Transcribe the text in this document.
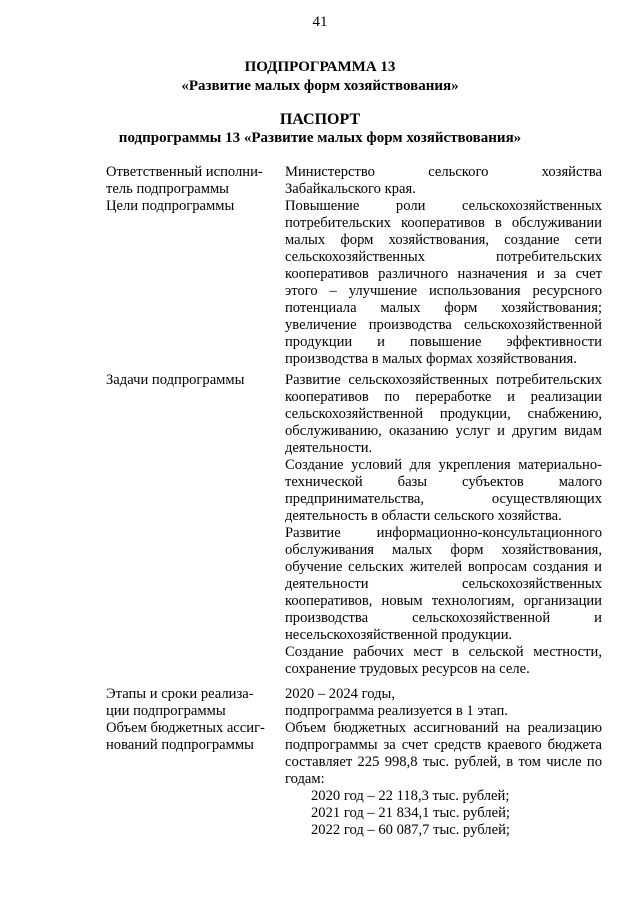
41
ПОДПРОГРАММА 13
«Развитие малых форм хозяйствования»
ПАСПОРТ
подпрограммы 13 «Развитие малых форм хозяйствования»
Ответственный исполни-
тель подпрограммы
Министерство сельского хозяйства Забайкальского края.
Цели подпрограммы	Повышение роли сельскохозяйственных потребительских кооперативов в обслуживании малых форм хозяйствования, создание сети сельскохозяйственных потребительских кооперативов различного назначения и за счет этого – улучшение использования ресурсного потенциала малых форм хозяйствования; увеличение производства сельскохозяйственной продукции и повышение эффективности производства в малых формах хозяйствования.
Задачи подпрограммы	Развитие сельскохозяйственных потребительских кооперативов по переработке и реализации сельскохозяйственной продукции, снабжению, обслуживанию, оказанию услуг и другим видам деятельности.

Создание условий для укрепления материально-технической базы субъектов малого предпринимательства, осуществляющих деятельность в области сельского хозяйства.

Развитие информационно-консультационного обслуживания малых форм хозяйствования, обучение сельских жителей вопросам создания и деятельности сельскохозяйственных кооперативов, новым технологиям, организации производства сельскохозяйственной и несельскохозяйственной продукции.

Создание рабочих мест в сельской местности, сохранение трудовых ресурсов на селе.

Этапы и сроки реализа-
ции подпрограммы

2020 – 2024 годы,

подпрограмма реализуется в 1 этап.

Объем бюджетных ассиг-
нований подпрограммы

Объем бюджетных ассигнований на реализацию подпрограммы за счет средств краевого бюджета составляет 225 998,8 тыс. рублей, в том числе по годам:

2020 год – 22 118,3 тыс. рублей;

2021 год – 21 834,1 тыс. рублей;

2022 год – 60 087,7 тыс. рублей;
